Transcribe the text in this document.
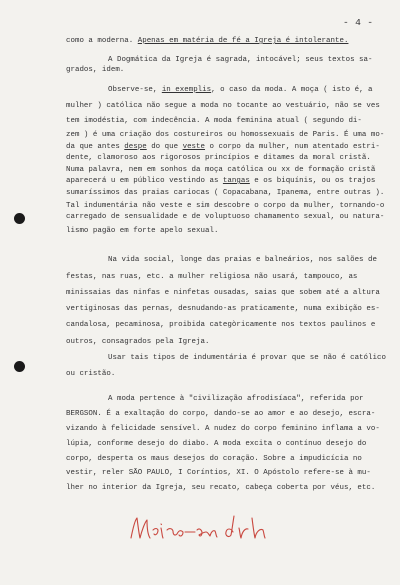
- 4 -
como a moderna. Apenas em matéria de fé a Igreja é intolerante.
A Dogmática da Igreja é sagrada, intocável; seus textos sa-
grados, idem.
Observe-se, in exemplis, o caso da moda. A moça ( isto é, a
mulher ) católica não segue a moda no tocante ao vestuário, não se ves
tem imodéstia, com indecência. A moda feminina atual ( segundo di-
zem ) é uma criação dos costureiros ou homossexuais de Paris. É uma mo-
da que antes despe do que veste o corpo da mulher, num atentado estri-
dente, clamoroso aos rigorosos princípios e ditames da moral cristã.
Numa palavra, nem em sonhos da moça católica ou xx de formação cristã
aparecerá u em público vestindo as tangas e os biquínis, ou os trajos
sumaríssimos das praias cariocas ( Copacabana, Ipanema, entre outras ).
Tal indumentária não veste e sim descobre o corpo da mulher, tornando-o
carregado de sensualidade e de voluptuoso chamamento sexual, ou natura-
lismo pagão em forte apelo sexual.
Na vida social, longe das praias e balneários, nos salões de
festas, nas ruas, etc. a mulher religiosa não usará, tampouco, as
minissaias das ninfas e ninfetas ousadas, saias que sobem até a altura
vertiginosas das pernas, desnudando-as praticamente, numa exibição es-
candalosa, pecaminosa, proibida categòricamente nos textos paulinos e
outros, consagrados pela Igreja.
Usar tais tipos de indumentária é provar que se não é católico
ou cristão.
A moda pertence à "civilização afrodisíaca", referida por
BERGSON. É a exaltação do corpo, dando-se ao amor e ao desejo, escra-
vizando à felicidade sensível. A nudez do corpo feminino inflama a vo-
lúpia, conforme desejo do diabo. A moda excita o contínuo desejo do
corpo, desperta os maus desejos do coração. Sobre a impudicícia no
vestir, reler SÃO PAULO, I Coríntios, XI. O Apóstolo refere-se à mu-
lher no interior da Igreja, seu recato, cabeça coberta por véus, etc.
